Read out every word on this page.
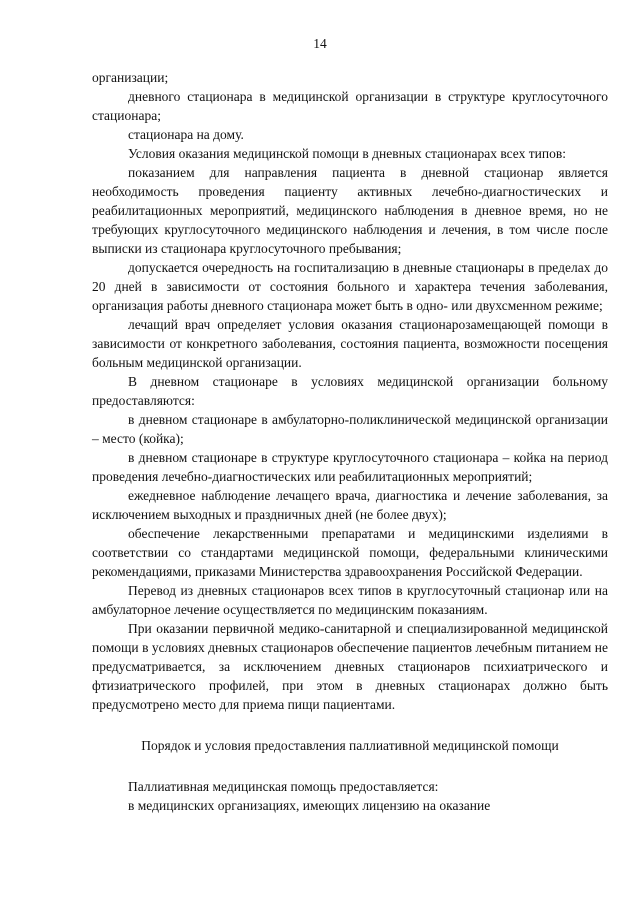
14

организации;

дневного стационара в медицинской организации в структуре круглосуточного стационара;

стационара на дому.

Условия оказания медицинской помощи в дневных стационарах всех типов:

показанием для направления пациента в дневной стационар является необходимость проведения пациенту активных лечебно-диагностических и реабилитационных мероприятий, медицинского наблюдения в дневное время, но не требующих круглосуточного медицинского наблюдения и лечения, в том числе после выписки из стационара круглосуточного пребывания;

допускается очередность на госпитализацию в дневные стационары в пределах до 20 дней в зависимости от состояния больного и характера течения заболевания, организация работы дневного стационара может быть в одно- или двухсменном режиме;

лечащий врач определяет условия оказания стационарозамещающей помощи в зависимости от конкретного заболевания, состояния пациента, возможности посещения больным медицинской организации.

В дневном стационаре в условиях медицинской организации больному предоставляются:

в дневном стационаре в амбулаторно-поликлинической медицинской организации – место (койка);

в дневном стационаре в структуре круглосуточного стационара – койка на период проведения лечебно-диагностических или реабилитационных мероприятий;

ежедневное наблюдение лечащего врача, диагностика и лечение заболевания, за исключением выходных и праздничных дней (не более двух);

обеспечение лекарственными препаратами и медицинскими изделиями в соответствии со стандартами медицинской помощи, федеральными клиническими рекомендациями, приказами Министерства здравоохранения Российской Федерации.

Перевод из дневных стационаров всех типов в круглосуточный стационар или на амбулаторное лечение осуществляется по медицинским показаниям.

При оказании первичной медико-санитарной и специализированной медицинской помощи в условиях дневных стационаров обеспечение пациентов лечебным питанием не предусматривается, за исключением дневных стационаров психиатрического и фтизиатрического профилей, при этом в дневных стационарах должно быть предусмотрено место для приема пищи пациентами.

Порядок и условия предоставления паллиативной медицинской помощи

Паллиативная медицинская помощь предоставляется:

в медицинских организациях, имеющих лицензию на оказание
